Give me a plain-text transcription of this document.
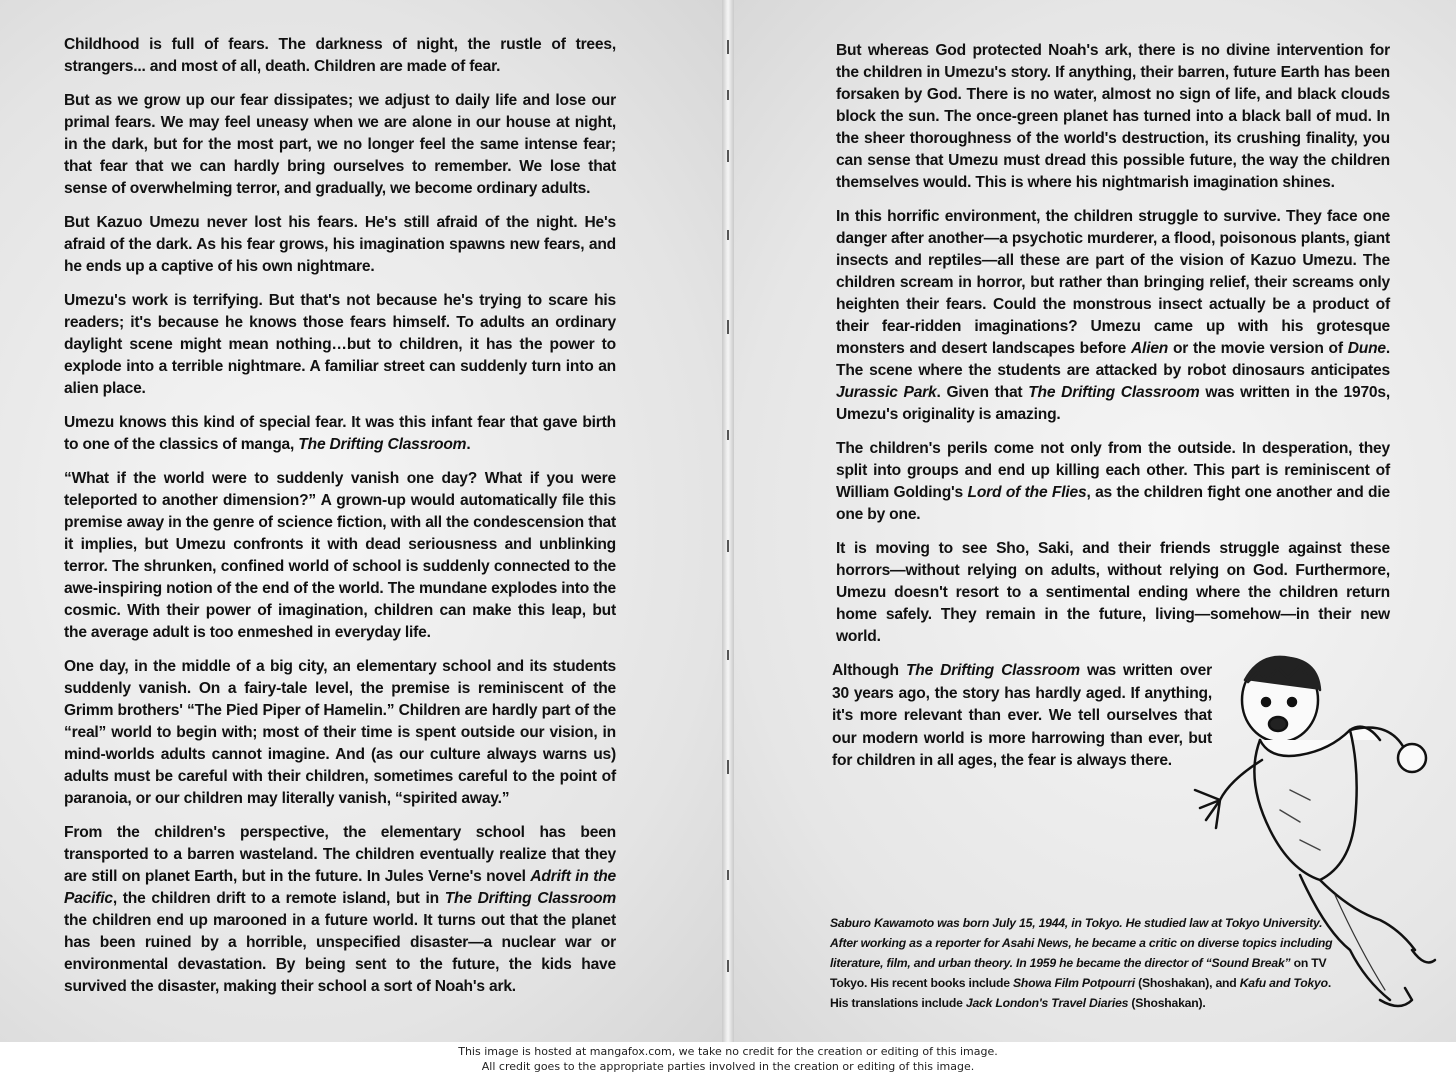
Childhood is full of fears. The darkness of night, the rustle of trees, strangers... and most of all, death. Children are made of fear.

But as we grow up our fear dissipates; we adjust to daily life and lose our primal fears. We may feel uneasy when we are alone in our house at night, in the dark, but for the most part, we no longer feel the same intense fear; that fear that we can hardly bring ourselves to remember. We lose that sense of overwhelming terror, and gradually, we become ordinary adults.

But Kazuo Umezu never lost his fears. He's still afraid of the night. He's afraid of the dark. As his fear grows, his imagination spawns new fears, and he ends up a captive of his own nightmare.

Umezu's work is terrifying. But that's not because he's trying to scare his readers; it's because he knows those fears himself. To adults an ordinary daylight scene might mean nothing…but to children, it has the power to explode into a terrible nightmare. A familiar street can suddenly turn into an alien place.

Umezu knows this kind of special fear. It was this infant fear that gave birth to one of the classics of manga, The Drifting Classroom.

“What if the world were to suddenly vanish one day? What if you were teleported to another dimension?” A grown-up would automatically file this premise away in the genre of science fiction, with all the condescension that it implies, but Umezu confronts it with dead seriousness and unblinking terror. The shrunken, confined world of school is suddenly connected to the awe-inspiring notion of the end of the world. The mundane explodes into the cosmic. With their power of imagination, children can make this leap, but the average adult is too enmeshed in everyday life.

One day, in the middle of a big city, an elementary school and its students suddenly vanish. On a fairy-tale level, the premise is reminiscent of the Grimm brothers' “The Pied Piper of Hamelin.” Children are hardly part of the “real” world to begin with; most of their time is spent outside our vision, in mind-worlds adults cannot imagine. And (as our culture always warns us) adults must be careful with their children, sometimes careful to the point of paranoia, or our children may literally vanish, “spirited away.”

From the children's perspective, the elementary school has been transported to a barren wasteland. The children eventually realize that they are still on planet Earth, but in the future. In Jules Verne's novel Adrift in the Pacific, the children drift to a remote island, but in The Drifting Classroom the children end up marooned in a future world. It turns out that the planet has been ruined by a horrible, unspecified disaster—a nuclear war or environmental devastation. By being sent to the future, the kids have survived the disaster, making their school a sort of Noah's ark.

But whereas God protected Noah's ark, there is no divine intervention for the children in Umezu's story. If anything, their barren, future Earth has been forsaken by God. There is no water, almost no sign of life, and black clouds block the sun. The once-green planet has turned into a black ball of mud. In the sheer thoroughness of the world's destruction, its crushing finality, you can sense that Umezu must dread this possible future, the way the children themselves would. This is where his nightmarish imagination shines.

In this horrific environment, the children struggle to survive. They face one danger after another—a psychotic murderer, a flood, poisonous plants, giant insects and reptiles—all these are part of the vision of Kazuo Umezu. The children scream in horror, but rather than bringing relief, their screams only heighten their fears. Could the monstrous insect actually be a product of their fear-ridden imaginations? Umezu came up with his grotesque monsters and desert landscapes before Alien or the movie version of Dune. The scene where the students are attacked by robot dinosaurs anticipates Jurassic Park. Given that The Drifting Classroom was written in the 1970s, Umezu's originality is amazing.

The children's perils come not only from the outside. In desperation, they split into groups and end up killing each other. This part is reminiscent of William Golding's Lord of the Flies, as the children fight one another and die one by one.

It is moving to see Sho, Saki, and their friends struggle against these horrors—without relying on adults, without relying on God. Furthermore, Umezu doesn't resort to a sentimental ending where the children return home safely. They remain in the future, living—somehow—in their new world.

Although The Drifting Classroom was written over 30 years ago, the story has hardly aged. If anything, it's more relevant than ever. We tell ourselves that our modern world is more harrowing than ever, but for children in all ages, the fear is always there.

Saburo Kawamoto was born July 15, 1944, in Tokyo. He studied law at Tokyo University. After working as a reporter for Asahi News, he became a critic on diverse topics including literature, film, and urban theory. In 1959 he became the director of “Sound Break” on TV Tokyo. His recent books include Showa Film Potpourri (Shoshakan), and Kafu and Tokyo. His translations include Jack London's Travel Diaries (Shoshakan).

This image is hosted at mangafox.com, we take no credit for the creation or editing of this image.
All credit goes to the appropriate parties involved in the creation or editing of this image.
